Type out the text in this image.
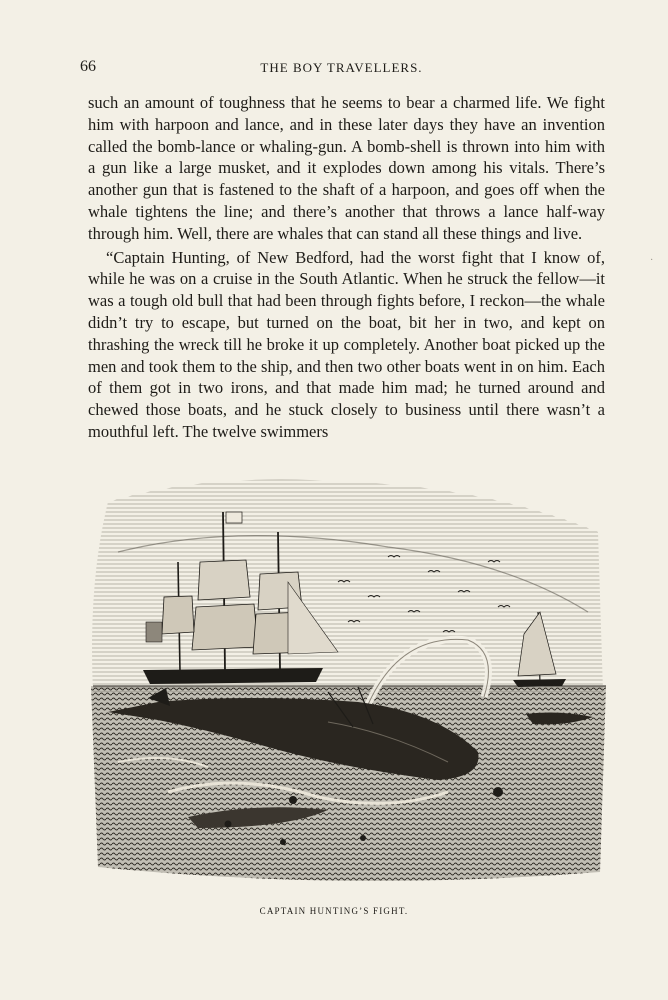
66	THE BOY TRAVELLERS.

such an amount of toughness that he seems to bear a charmed life. We fight him with harpoon and lance, and in these later days they have an invention called the bomb-lance or whaling-gun. A bomb-shell is thrown into him with a gun like a large musket, and it explodes down among his vitals. There’s another gun that is fastened to the shaft of a harpoon, and goes off when the whale tightens the line; and there’s another that throws a lance half-way through him. Well, there are whales that can stand all these things and live.

“Captain Hunting, of New Bedford, had the worst fight that I know of, while he was on a cruise in the South Atlantic. When he struck the fellow—it was a tough old bull that had been through fights before, I reckon—the whale didn’t try to escape, but turned on the boat, bit her in two, and kept on thrashing the wreck till he broke it up completely. Another boat picked up the men and took them to the ship, and then two other boats went in on him. Each of them got in two irons, and that made him mad; he turned around and chewed those boats, and he stuck closely to business until there wasn’t a mouthful left. The twelve swimmers

CAPTAIN HUNTING’S FIGHT.
·
